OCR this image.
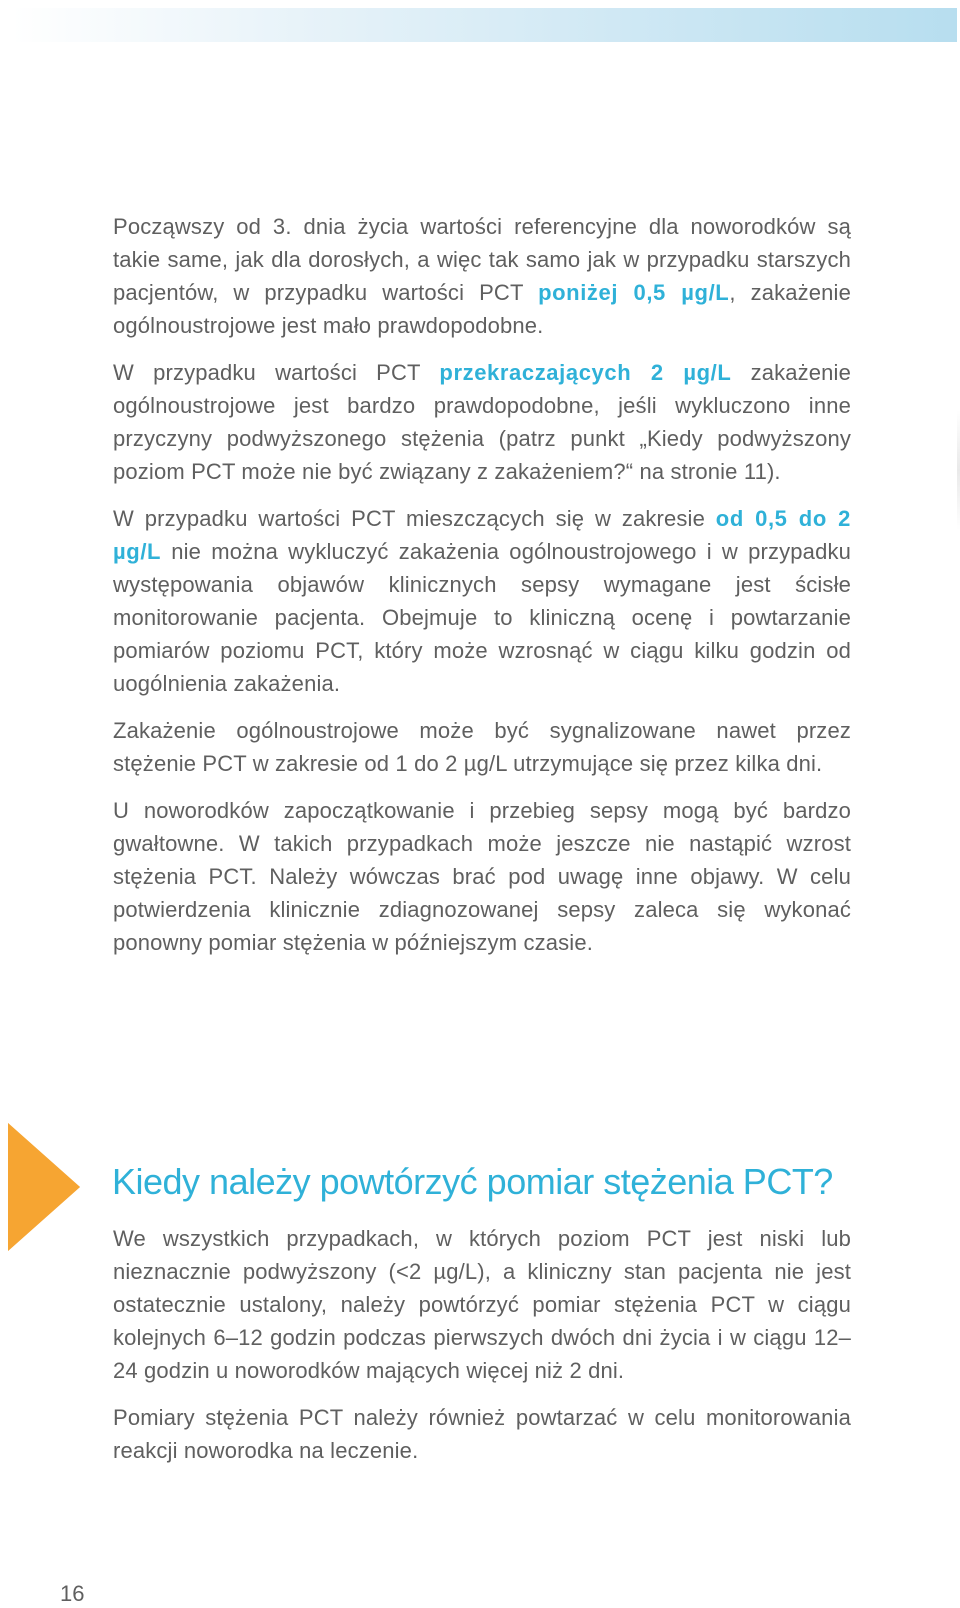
Począwszy od 3. dnia życia wartości referencyjne dla noworodków są takie same, jak dla dorosłych, a więc tak samo jak w przypadku starszych pacjentów, w przypadku wartości PCT poniżej 0,5 µg/L, zakażenie ogólnoustrojowe jest mało prawdopodobne.

W przypadku wartości PCT przekraczających 2 µg/L zakażenie ogólnoustrojowe jest bardzo prawdopodobne, jeśli wykluczono inne przyczyny podwyższonego stężenia (patrz punkt „Kiedy podwyższony poziom PCT może nie być związany z zakażeniem?“ na stronie 11).

W przypadku wartości PCT mieszczących się w zakresie od 0,5 do 2 µg/L nie można wykluczyć zakażenia ogólnoustrojowego i w przypadku występowania objawów klinicznych sepsy wymagane jest ścisłe monitorowanie pacjenta. Obejmuje to kliniczną ocenę i powtarzanie pomiarów poziomu PCT, który może wzrosnąć w ciągu kilku godzin od uogólnienia zakażenia.

Zakażenie ogólnoustrojowe może być sygnalizowane nawet przez stężenie PCT w zakresie od 1 do 2 µg/L utrzymujące się przez kilka dni.

U noworodków zapoczątkowanie i przebieg sepsy mogą być bardzo gwałtowne. W takich przypadkach może jeszcze nie nastąpić wzrost stężenia PCT. Należy wówczas brać pod uwagę inne objawy. W celu potwierdzenia klinicznie zdiagnozowanej sepsy zaleca się wykonać ponowny pomiar stężenia w późniejszym czasie.

Kiedy należy powtórzyć pomiar stężenia PCT?

We wszystkich przypadkach, w których poziom PCT jest niski lub nieznacznie podwyższony (<2 µg/L), a kliniczny stan pacjenta nie jest ostatecznie ustalony, należy powtórzyć pomiar stężenia PCT w ciągu kolejnych 6–12 godzin podczas pierwszych dwóch dni życia i w ciągu 12–24 godzin u noworodków mających więcej niż 2 dni.

Pomiary stężenia PCT należy również powtarzać w celu monitorowania reakcji noworodka na leczenie.

16
